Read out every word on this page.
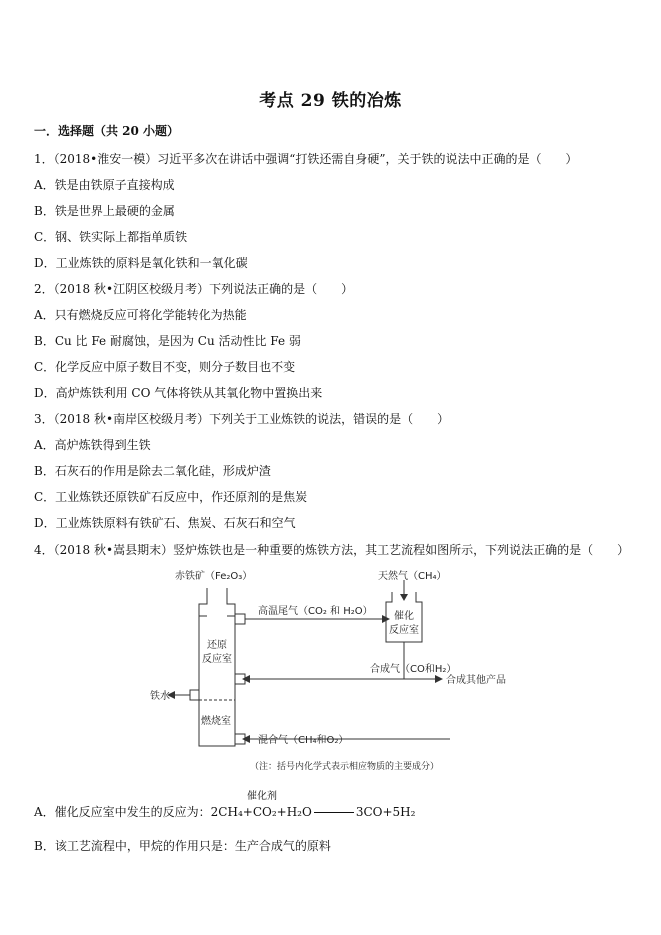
考点 29 铁的冶炼
一．选择题（共 20 小题）
1．（2018•淮安一模）习近平多次在讲话中强调“打铁还需自身硬”，关于铁的说法中正确的是（　　）
A．铁是由铁原子直接构成
B．铁是世界上最硬的金属
C．钢、铁实际上都指单质铁
D．工业炼铁的原料是氧化铁和一氧化碳
2．（2018 秋•江阴区校级月考）下列说法正确的是（　　）
A．只有燃烧反应可将化学能转化为热能
B．Cu 比 Fe 耐腐蚀，是因为 Cu 活动性比 Fe 弱
C．化学反应中原子数目不变，则分子数目也不变
D．高炉炼铁利用 CO 气体将铁从其氧化物中置换出来
3．（2018 秋•南岸区校级月考）下列关于工业炼铁的说法，错误的是（　　）
A．高炉炼铁得到生铁
B．石灰石的作用是除去二氧化硅，形成炉渣
C．工业炼铁还原铁矿石反应中，作还原剂的是焦炭
D．工业炼铁原料有铁矿石、焦炭、石灰石和空气
4．（2018 秋•嵩县期末）竖炉炼铁也是一种重要的炼铁方法，其工艺流程如图所示，下列说法正确的是（　　）
赤铁矿（Fe₂O₃）	天然气（CH₄）
高温尾气（CO₂ 和 H₂O） 催化
反应室
还原
反应室
合成气（CO和H₂）
合成其他产品
铁水
燃烧室
混合气（CH₄和O₂）
（注：括号内化学式表示相应物质的主要成分）
催化剂
A．催化反应室中发生的反应为：2CH₄+CO₂+H₂O	3CO+5H₂
B．该工艺流程中，甲烷的作用只是：生产合成气的原料
